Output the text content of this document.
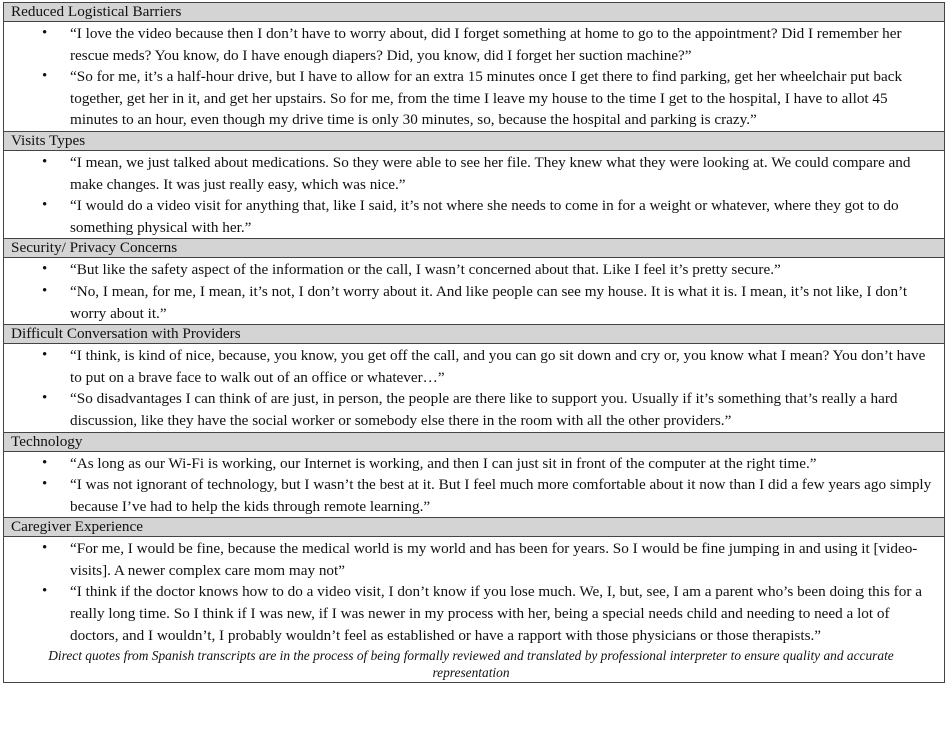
Reduced Logistical Barriers
• “I love the video because then I don’t have to worry about, did I forget something at home to go to the appointment? Did I remember her rescue meds? You know, do I have enough diapers? Did, you know, did I forget her suction machine?”
• “So for me, it’s a half-hour drive, but I have to allow for an extra 15 minutes once I get there to find parking, get her wheelchair put back together, get her in it, and get her upstairs. So for me, from the time I leave my house to the time I get to the hospital, I have to allot 45 minutes to an hour, even though my drive time is only 30 minutes, so, because the hospital and parking is crazy.”
Visits Types
• “I mean, we just talked about medications. So they were able to see her file. They knew what they were looking at. We could compare and make changes. It was just really easy, which was nice.”
• “I would do a video visit for anything that, like I said, it’s not where she needs to come in for a weight or whatever, where they got to do something physical with her.”
Security/ Privacy Concerns
• “But like the safety aspect of the information or the call, I wasn’t concerned about that. Like I feel it’s pretty secure.”
• “No, I mean, for me, I mean, it’s not, I don’t worry about it. And like people can see my house. It is what it is. I mean, it’s not like, I don’t worry about it.”
Difficult Conversation with Providers
• “I think, is kind of nice, because, you know, you get off the call, and you can go sit down and cry or, you know what I mean? You don’t have to put on a brave face to walk out of an office or whatever…”
• “So disadvantages I can think of are just, in person, the people are there like to support you. Usually if it’s something that’s really a hard discussion, like they have the social worker or somebody else there in the room with all the other providers.”
Technology
• “As long as our Wi-Fi is working, our Internet is working, and then I can just sit in front of the computer at the right time.”
• “I was not ignorant of technology, but I wasn’t the best at it. But I feel much more comfortable about it now than I did a few years ago simply because I’ve had to help the kids through remote learning.”
Caregiver Experience
• “For me, I would be fine, because the medical world is my world and has been for years. So I would be fine jumping in and using it [video-visits]. A newer complex care mom may not”
• “I think if the doctor knows how to do a video visit, I don’t know if you lose much. We, I, but, see, I am a parent who’s been doing this for a really long time. So I think if I was new, if I was newer in my process with her, being a special needs child and needing to need a lot of doctors, and I wouldn’t, I probably wouldn’t feel as established or have a rapport with those physicians or those therapists.”
Direct quotes from Spanish transcripts are in the process of being formally reviewed and translated by professional interpreter to ensure quality and accurate representation
